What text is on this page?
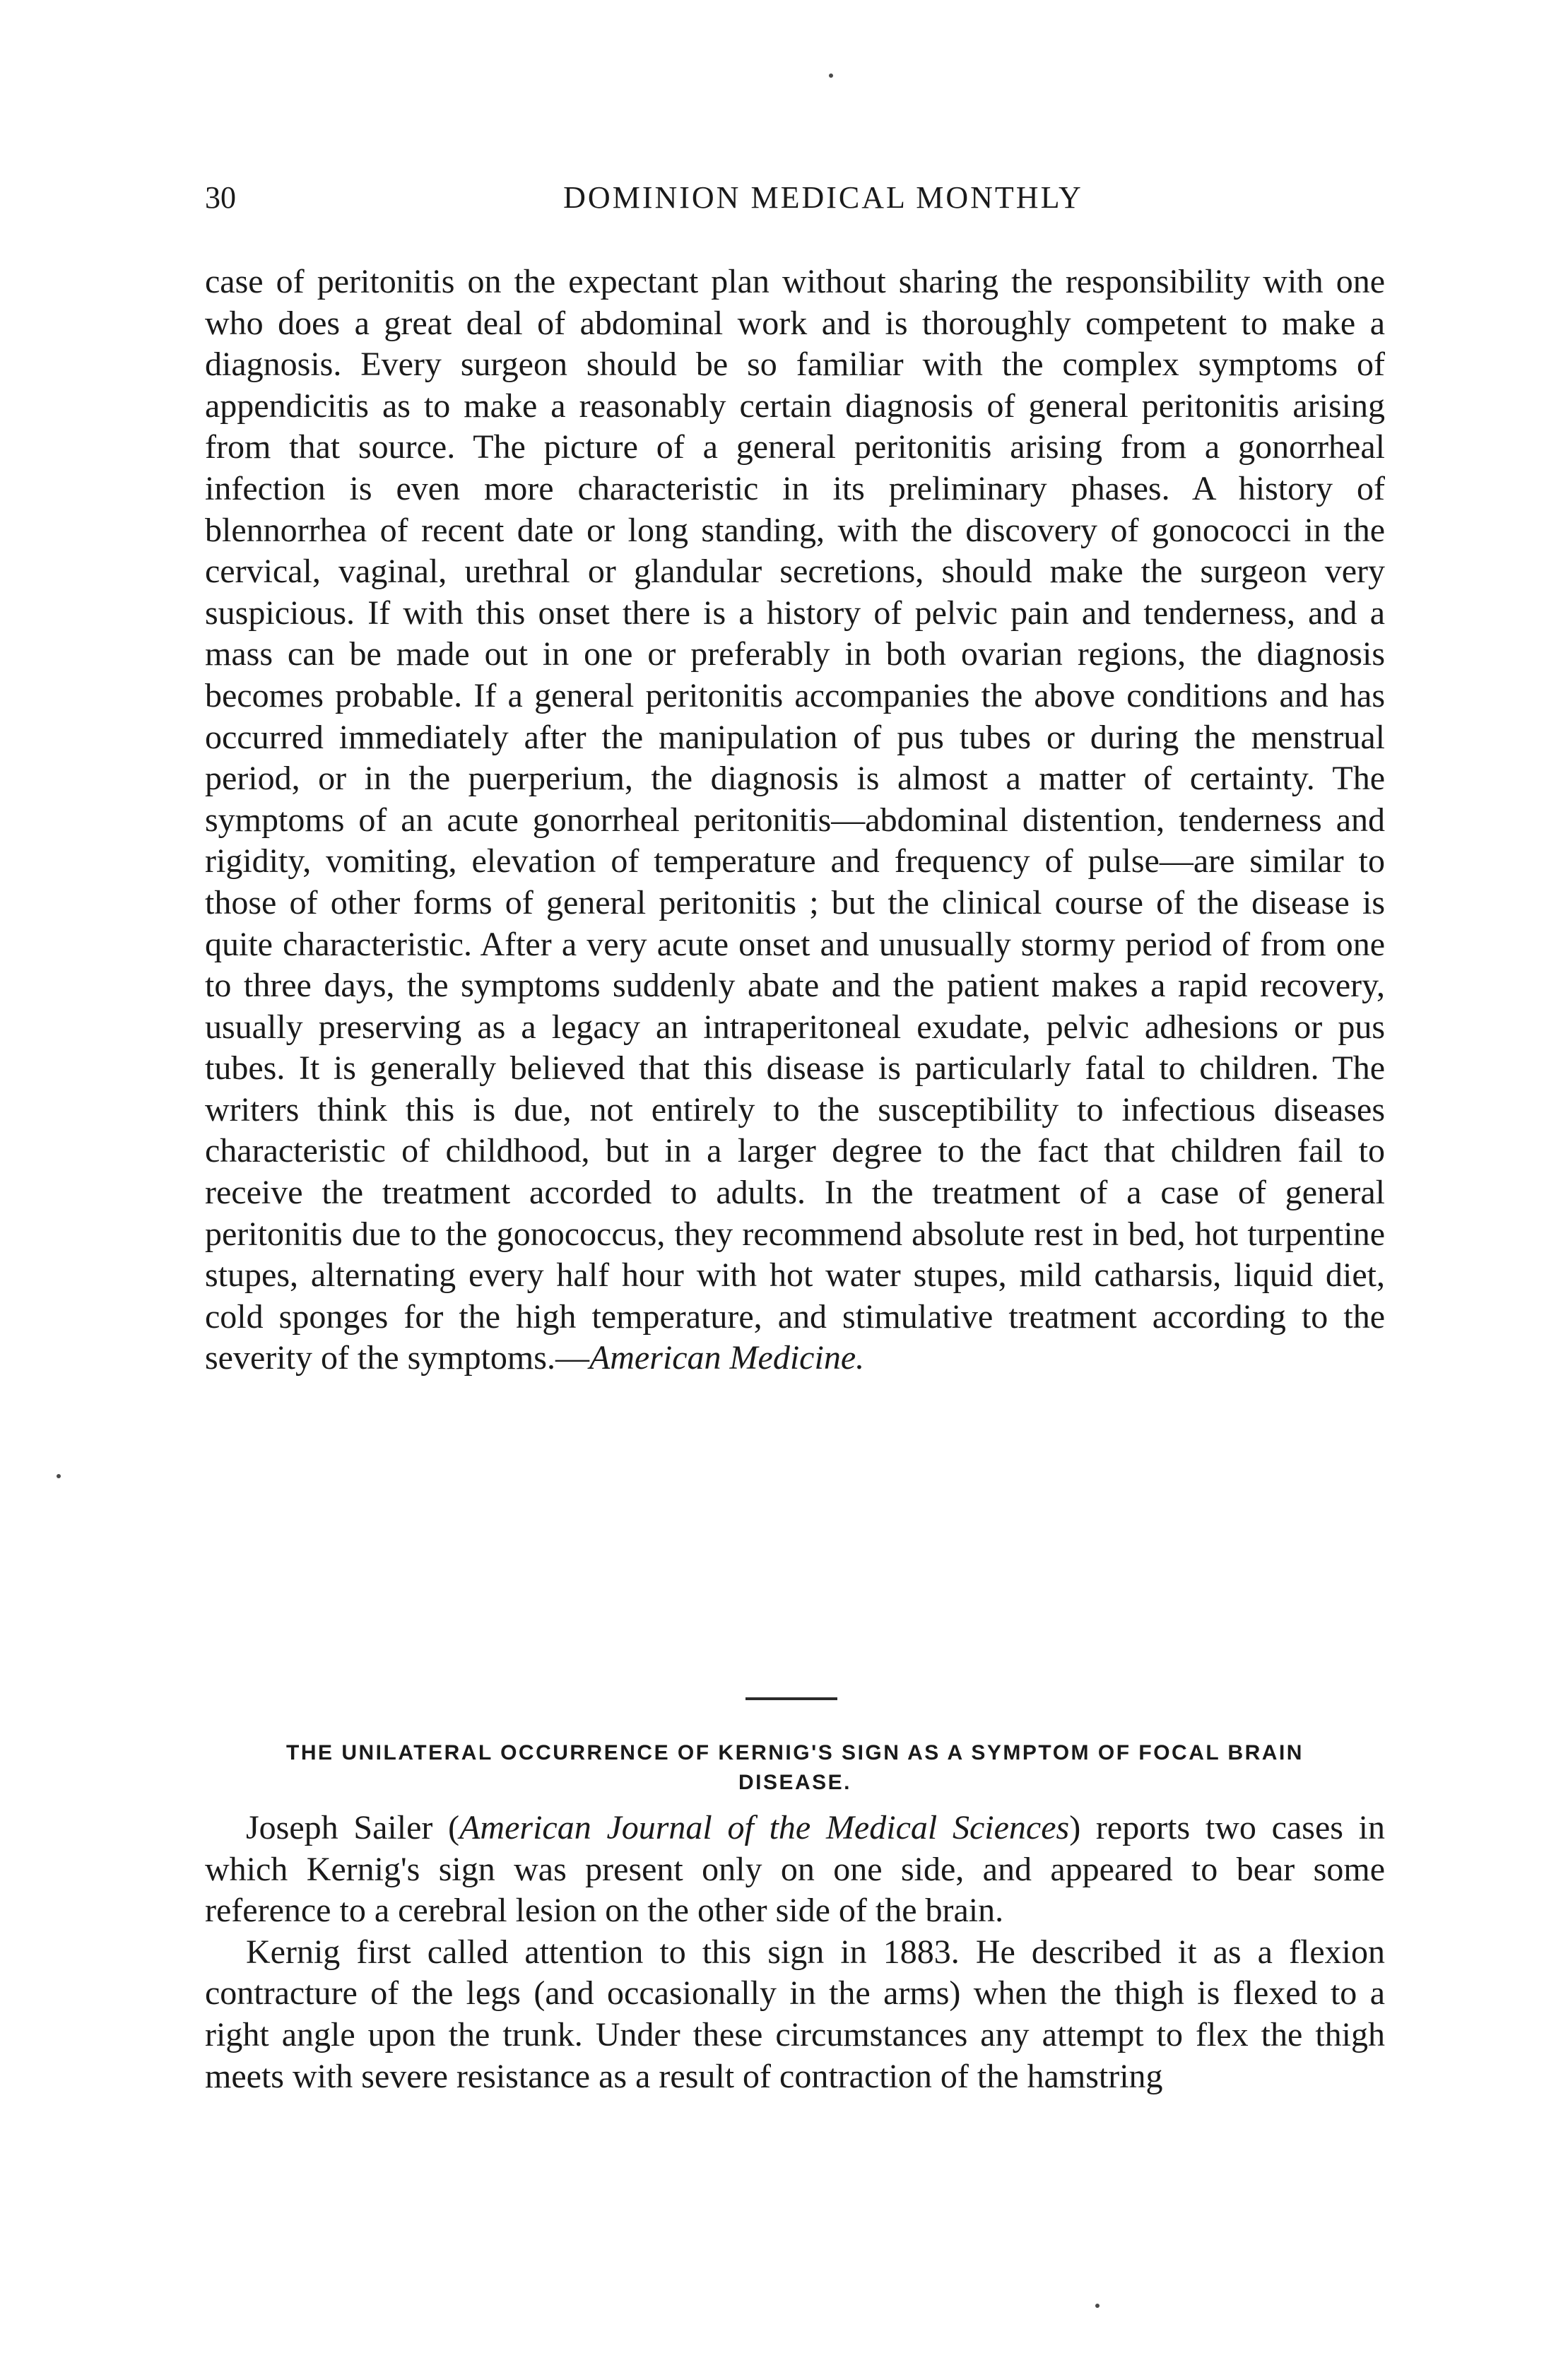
30	DOMINION MEDICAL MONTHLY

case of peritonitis on the expectant plan without sharing the responsibility with one who does a great deal of abdominal work and is thoroughly competent to make a diagnosis. Every surgeon should be so familiar with the complex symptoms of appendicitis as to make a reasonably certain diagnosis of general peritonitis arising from that source. The picture of a general peritonitis arising from a gonorrheal infection is even more characteristic in its preliminary phases. A history of blennorrhea of recent date or long standing, with the discovery of gonococci in the cervical, vaginal, urethral or glandular secretions, should make the surgeon very suspicious. If with this onset there is a history of pelvic pain and tenderness, and a mass can be made out in one or preferably in both ovarian regions, the diagnosis becomes probable. If a general peritonitis accompanies the above conditions and has occurred immediately after the manipulation of pus tubes or during the menstrual period, or in the puerperium, the diagnosis is almost a matter of certainty. The symptoms of an acute gonorrheal peritonitis—abdominal distention, tenderness and rigidity, vomiting, elevation of temperature and frequency of pulse—are similar to those of other forms of general peritonitis ; but the clinical course of the disease is quite characteristic. After a very acute onset and unusually stormy period of from one to three days, the symptoms suddenly abate and the patient makes a rapid recovery, usually preserving as a legacy an intraperitoneal exudate, pelvic adhesions or pus tubes. It is generally believed that this disease is particularly fatal to children. The writers think this is due, not entirely to the susceptibility to infectious diseases characteristic of childhood, but in a larger degree to the fact that children fail to receive the treatment accorded to adults. In the treatment of a case of general peritonitis due to the gonococcus, they recommend absolute rest in bed, hot turpentine stupes, alternating every half hour with hot water stupes, mild catharsis, liquid diet, cold sponges for the high temperature, and stimulative treatment according to the severity of the symptoms.—American Medicine.

THE UNILATERAL OCCURRENCE OF KERNIG'S SIGN AS A SYMPTOM OF FOCAL BRAIN DISEASE.

Joseph Sailer (American Journal of the Medical Sciences) reports two cases in which Kernig's sign was present only on one side, and appeared to bear some reference to a cerebral lesion on the other side of the brain.

Kernig first called attention to this sign in 1883. He described it as a flexion contracture of the legs (and occasionally in the arms) when the thigh is flexed to a right angle upon the trunk. Under these circumstances any attempt to flex the thigh meets with severe resistance as a result of contraction of the hamstring
